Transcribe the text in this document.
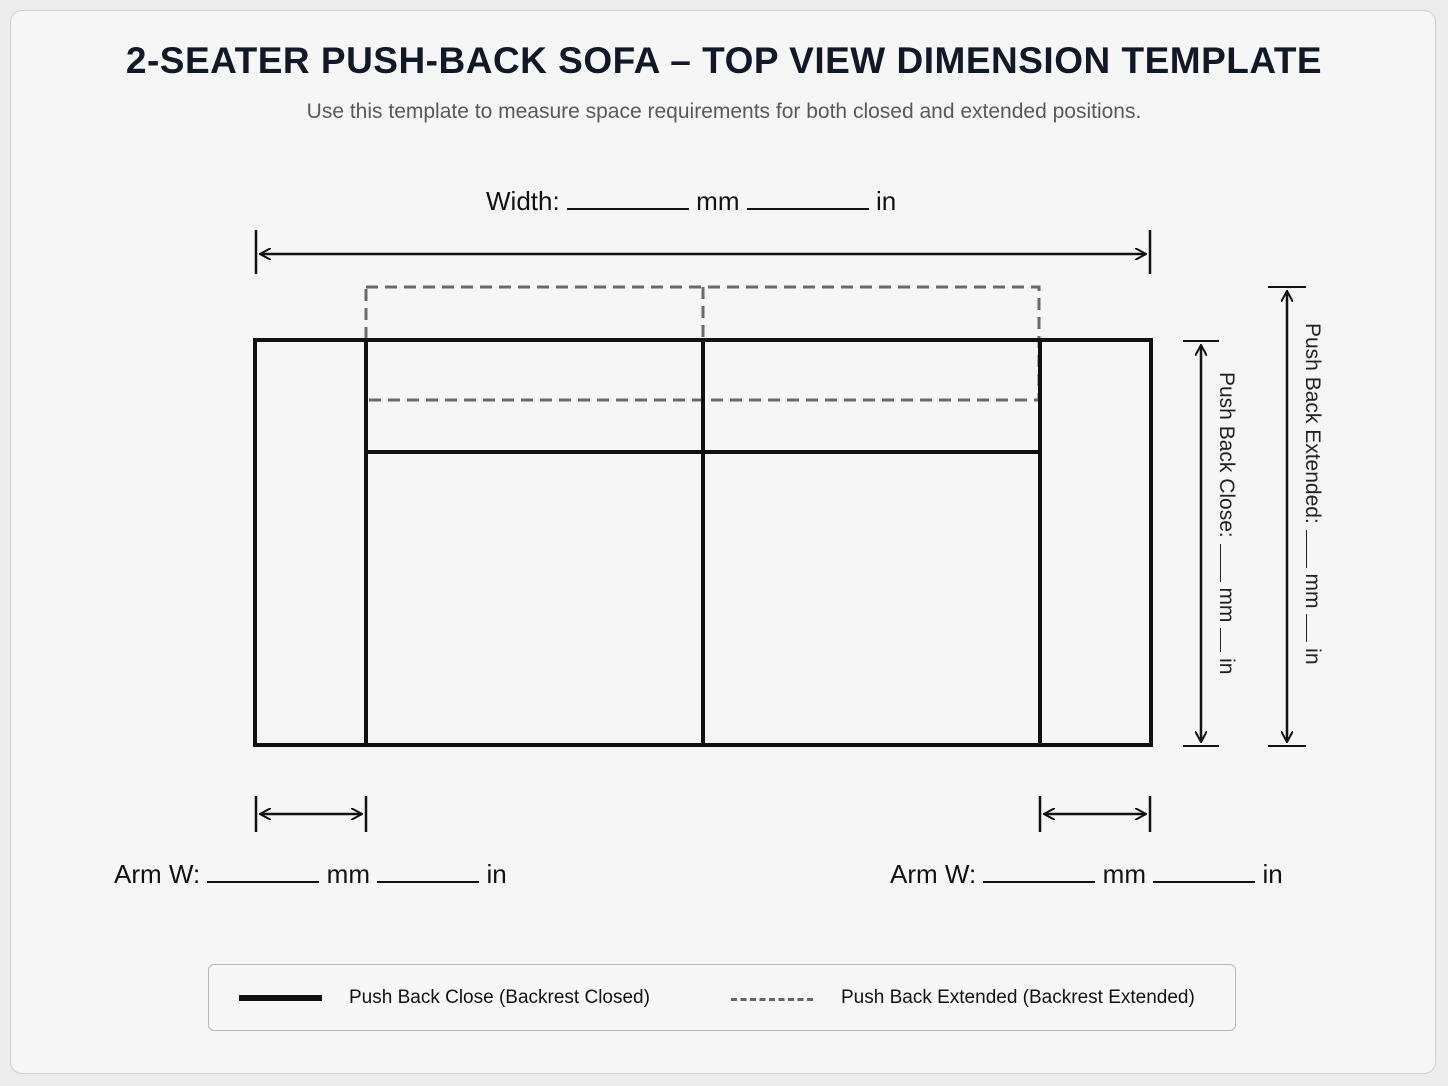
2-SEATER PUSH-BACK SOFA – TOP VIEW DIMENSION TEMPLATE
Use this template to measure space requirements for both closed and extended positions.
Width:	mm	in
Push Back Close:  mm  in
Push Back Extended:  mm  in
Arm W:	mm	in	Arm W:	mm	in
Push Back Close (Backrest Closed)	Push Back Extended (Backrest Extended)
